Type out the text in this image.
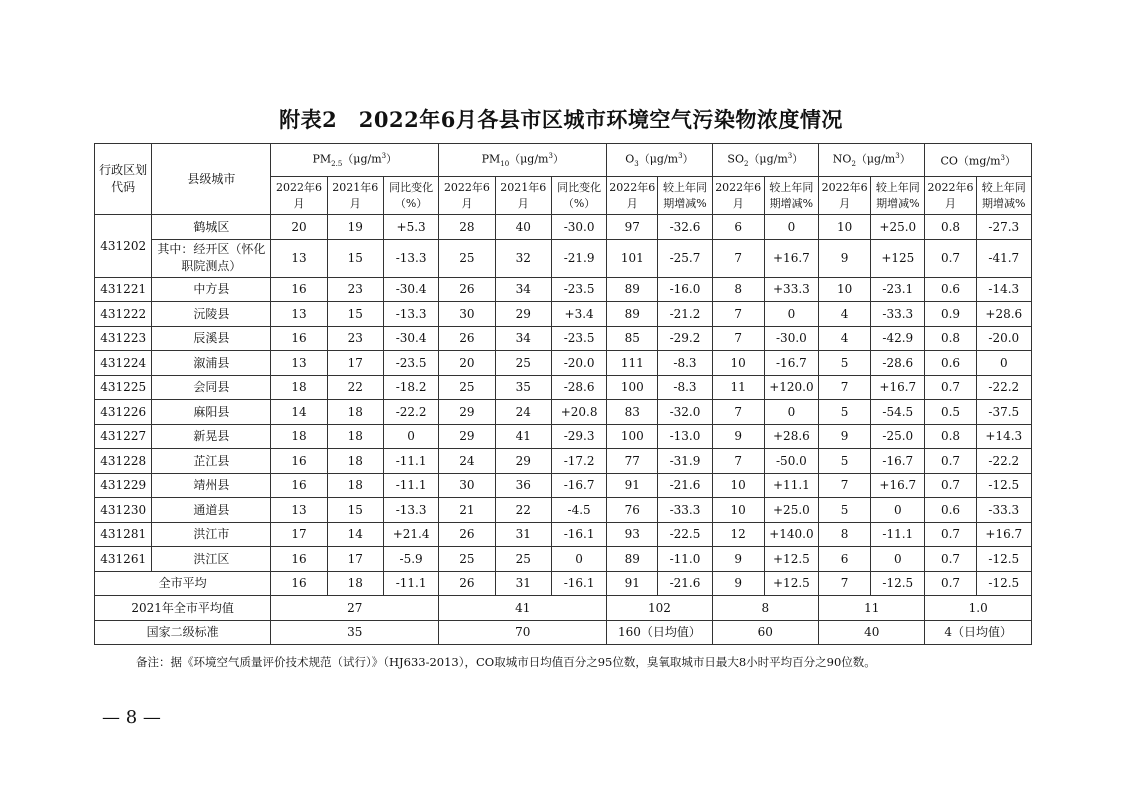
附表2　2022年6月各县市区城市环境空气污染物浓度情况
行政区划代码	县级城市	$PM_{2.5}(\mu g/m^3)$			$PM_{10}(\mu g/m^3)$			$O_3(\mu g/m^3)$		$SO_2(\mu g/m^3)$		$NO_2(\mu g/m^3)$		$CO(mg/m^3)$	
		2022年6月	2021年6月	同比变化（%）	2022年6月	2021年6月	同比变化（%）	2022年6月	较上年同期增减%	2022年6月	较上年同期增减%	2022年6月	较上年同期增减%	2022年6月	较上年同期增减%
431202	鹤城区	20	19	+5.3	28	40	-30.0	97	-32.6	6	0	10	+25.0	0.8	-27.3
	其中：经开区（怀化职院测点）	13	15	-13.3	25	32	-21.9	101	-25.7	7	+16.7	9	+125	0.7	-41.7
431221	中方县	16	23	-30.4	26	34	-23.5	89	-16.0	8	+33.3	10	-23.1	0.6	-14.3
431222	沅陵县	13	15	-13.3	30	29	+3.4	89	-21.2	7	0	4	-33.3	0.9	+28.6
431223	辰溪县	16	23	-30.4	26	34	-23.5	85	-29.2	7	-30.0	4	-42.9	0.8	-20.0
431224	溆浦县	13	17	-23.5	20	25	-20.0	111	-8.3	10	-16.7	5	-28.6	0.6	0
431225	会同县	18	22	-18.2	25	35	-28.6	100	-8.3	11	+120.0	7	+16.7	0.7	-22.2
431226	麻阳县	14	18	-22.2	29	24	+20.8	83	-32.0	7	0	5	-54.5	0.5	-37.5
431227	新晃县	18	18	0	29	41	-29.3	100	-13.0	9	+28.6	9	-25.0	0.8	+14.3
431228	芷江县	16	18	-11.1	24	29	-17.2	77	-31.9	7	-50.0	5	-16.7	0.7	-22.2
431229	靖州县	16	18	-11.1	30	36	-16.7	91	-21.6	10	+11.1	7	+16.7	0.7	-12.5
431230	通道县	13	15	-13.3	21	22	-4.5	76	-33.3	10	+25.0	5	0	0.6	-33.3
431281	洪江市	17	14	+21.4	26	31	-16.1	93	-22.5	12	+140.0	8	-11.1	0.7	+16.7
431261	洪江区	16	17	-5.9	25	25	0	89	-11.0	9	+12.5	6	0	0.7	-12.5
全市平均		16	18	-11.1	26	31	-16.1	91	-21.6	9	+12.5	7	-12.5	0.7	-12.5
2021年全市平均值		27			41			102		8		11		1.0	
国家二级标准		35			70			160（日均值）		60		40		4（日均值）	
备注：据《环境空气质量评价技术规范（试行）》（HJ633-2013），CO取城市日均值百分之95位数，臭氧取城市日最大8小时平均百分之90位数。
— 8 —
